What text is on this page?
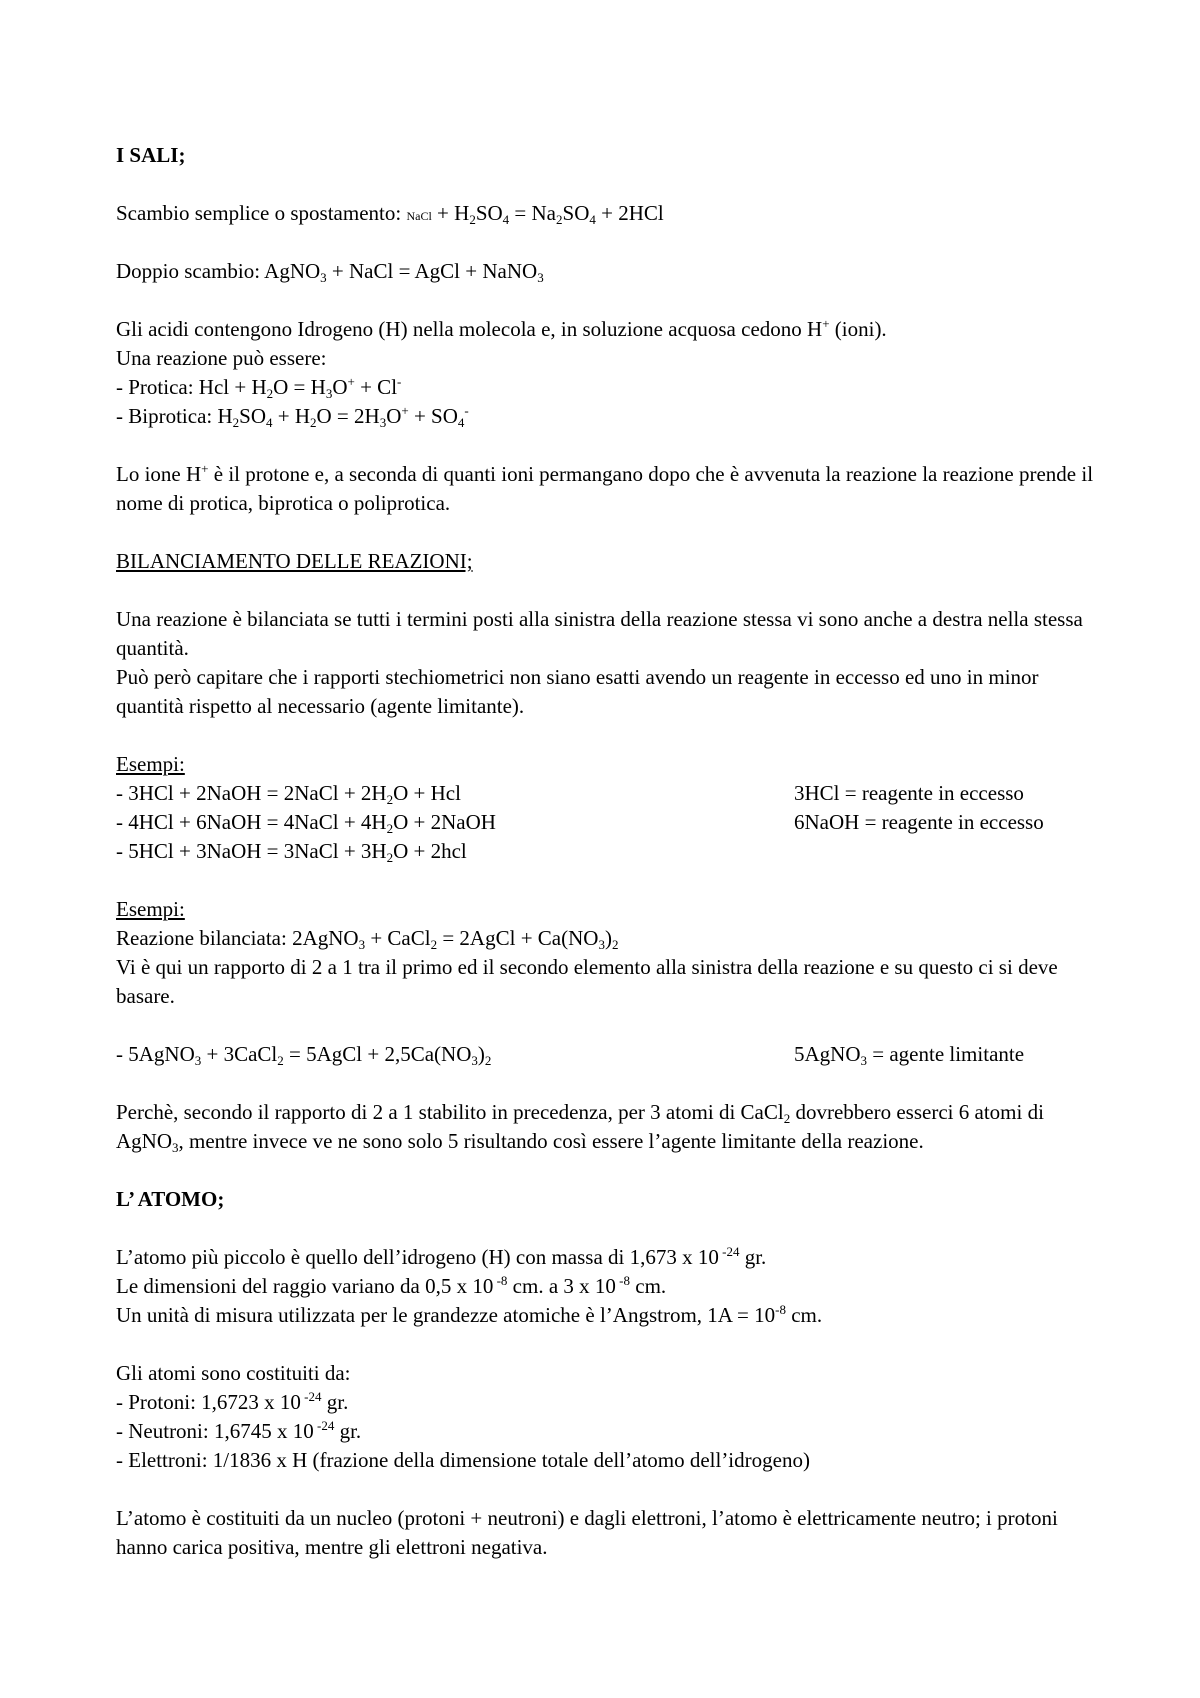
I SALI;
Scambio semplice o spostamento: NaCl + $H_2SO_4 = Na_2SO_4 + 2HCl$
Doppio scambio: AgNO$_3$ + NaCl = AgCl + NaNO$_3$
Gli acidi contengono Idrogeno (H) nella molecola e, in soluzione acquosa cedono H+ (ioni).
Una reazione può essere:
- Protica: Hcl + $H_2O = H_3O^+ + Cl^-$
- Biprotica: $H_2SO_4 + H_2O = 2H_3O^+ + SO_4^-$
Lo ione H+ è il protone e, a seconda di quanti ioni permangano dopo che è avvenuta la reazione la reazione prende il nome di protica, biprotica o poliprotica.
BILANCIAMENTO DELLE REAZIONI;
Una reazione è bilanciata se tutti i termini posti alla sinistra della reazione stessa vi sono anche a destra nella stessa quantità.
Può però capitare che i rapporti stechiometrici non siano esatti avendo un reagente in eccesso ed uno in minor quantità rispetto al necessario (agente limitante).
Esempi:
- 3HCl + 2NaOH = 2NaCl + $2H_2O$ + Hcl	3HCl = reagente in eccesso
- 4HCl + 6NaOH = 4NaCl + $4H_2O$ + 2NaOH	6NaOH = reagente in eccesso
- 5HCl + 3NaOH = 3NaCl + $3H_2O + 2hcl$
Esempi:
Reazione bilanciata: 2AgNO$_3$ + CaCl$_2$ = 2AgCl + $Ca(NO_3)_2$
Vi è qui un rapporto di 2 a 1 tra il primo ed il secondo elemento alla sinistra della reazione e su questo ci si deve basare.
- 5AgNO$_3$ + 3CaCl$_2$ = 5AgCl + $2,5Ca(NO_3)_2$	5AgNO$_3$ = agente limitante
Perchè, secondo il rapporto di 2 a 1 stabilito in precedenza, per 3 atomi di CaCl$_2$ dovrebbero esserci 6 atomi di AgNO$_3$, mentre invece ve ne sono solo 5 risultando così essere l’agente limitante della reazione.
L’ ATOMO;
L’atomo più piccolo è quello dell’idrogeno (H) con massa di 1,673 x 10 $^{-24}$ gr.
Le dimensioni del raggio variano da 0,5 x 10 $^{-8}$ cm. a 3 x 10 $^{-8}$ cm.
Un unità di misura utilizzata per le grandezze atomiche è l’Angstrom, $1A = 10^{-8}$ cm.
Gli atomi sono costituiti da:
- Protoni: 1,6723 x 10 $^{-24}$ gr.
- Neutroni: 1,6745 x 10 $^{-24}$ gr.
- Elettroni: 1/1836 x H (frazione della dimensione totale dell’atomo dell’idrogeno)
L’atomo è costituiti da un nucleo (protoni + neutroni) e dagli elettroni, l’atomo è elettricamente neutro; i protoni hanno carica positiva, mentre gli elettroni negativa.
